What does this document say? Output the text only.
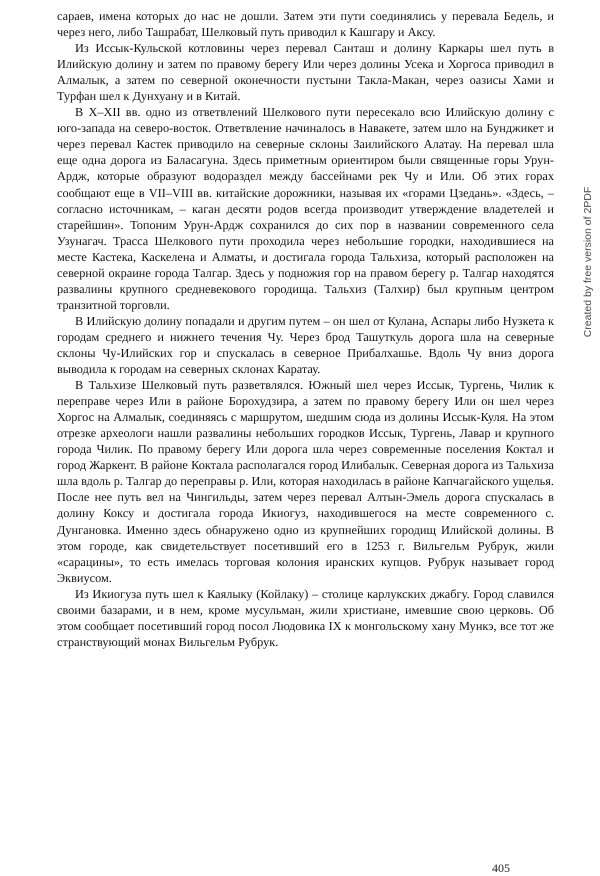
сараев, имена которых до нас не дошли. Затем эти пути соединялись у перевала Бедель, и через него, либо Ташрабат, Шелковый путь приводил к Кашгару и Аксу.

Из Иссык-Кульской котловины через перевал Санташ и долину Каркары шел путь в Илийскую долину и затем по правому берегу Или через долины Усека и Хоргоса приводил в Алмалык, а затем по северной оконечности пустыни Такла-Макан, через оазисы Хами и Турфан шел к Дунхуану и в Китай.

В X–XII вв. одно из ответвлений Шелкового пути пересекало всю Илийскую долину с юго-запада на северо-восток. Ответвление начиналось в Навакете, затем шло на Бунджикет и через перевал Кастек приводило на северные склоны Заилийского Алатау. На перевал шла еще одна дорога из Баласагуна. Здесь приметным ориентиром были священные горы Урун-Ардж, которые образуют водораздел между бассейнами рек Чу и Или. Об этих горах сообщают еще в VII–VIII вв. китайские дорожники, называя их «горами Цзедань». «Здесь, – согласно источникам, – каган десяти родов всегда производит утверждение владетелей и старейшин». Топоним Урун-Ардж сохранился до сих пор в названии современного села Узунагач. Трасса Шелкового пути проходила через небольшие городки, находившиеся на месте Кастека, Каскелена и Алматы, и достигала города Тальхиза, который расположен на северной окраине города Талгар. Здесь у подножия гор на правом берегу р. Талгар находятся развалины крупного средневекового городища. Тальхиз (Талхир) был крупным центром транзитной торговли.

В Илийскую долину попадали и другим путем – он шел от Кулана, Аспары либо Нузкета к городам среднего и нижнего течения Чу. Через брод Ташуткуль дорога шла на северные склоны Чу-Илийских гор и спускалась в северное Прибалхашье. Вдоль Чу вниз дорога выводила к городам на северных склонах Каратау.

В Тальхизе Шелковый путь разветвлялся. Южный шел через Иссык, Тургень, Чилик к переправе через Или в районе Борохудзира, а затем по правому берегу Или он шел через Хоргос на Алмалык, соединяясь с маршрутом, шедшим сюда из долины Иссык-Куля. На этом отрезке археологи нашли развалины небольших городков Иссык, Тургень, Лавар и крупного города Чилик. По правому берегу Или дорога шла через современные поселения Коктал и город Жаркент. В районе Коктала располагался город Илибалык. Северная дорога из Тальхиза шла вдоль р. Талгар до переправы р. Или, которая находилась в районе Капчагайского ущелья. После нее путь вел на Чингильды, затем через перевал Алтын-Эмель дорога спускалась в долину Коксу и достигала города Икиогуз, находившегося на месте современного с. Дунгановка. Именно здесь обнаружено одно из крупнейших городищ Илийской долины. В этом городе, как свидетельствует посетивший его в 1253 г. Вильгельм Рубрук, жили «сарацины», то есть имелась торговая колония иранских купцов. Рубрук называет город Эквиусом.

Из Икиогуза путь шел к Каялыку (Койлаку) – столице карлукских джабгу. Город славился своими базарами, и в нем, кроме мусульман, жили христиане, имевшие свою церковь. Об этом сообщает посетивший город посол Людовика IX к монгольскому хану Мункэ, все тот же странствующий монах Вильгельм Рубрук.

Created by free version of 2PDF
405
